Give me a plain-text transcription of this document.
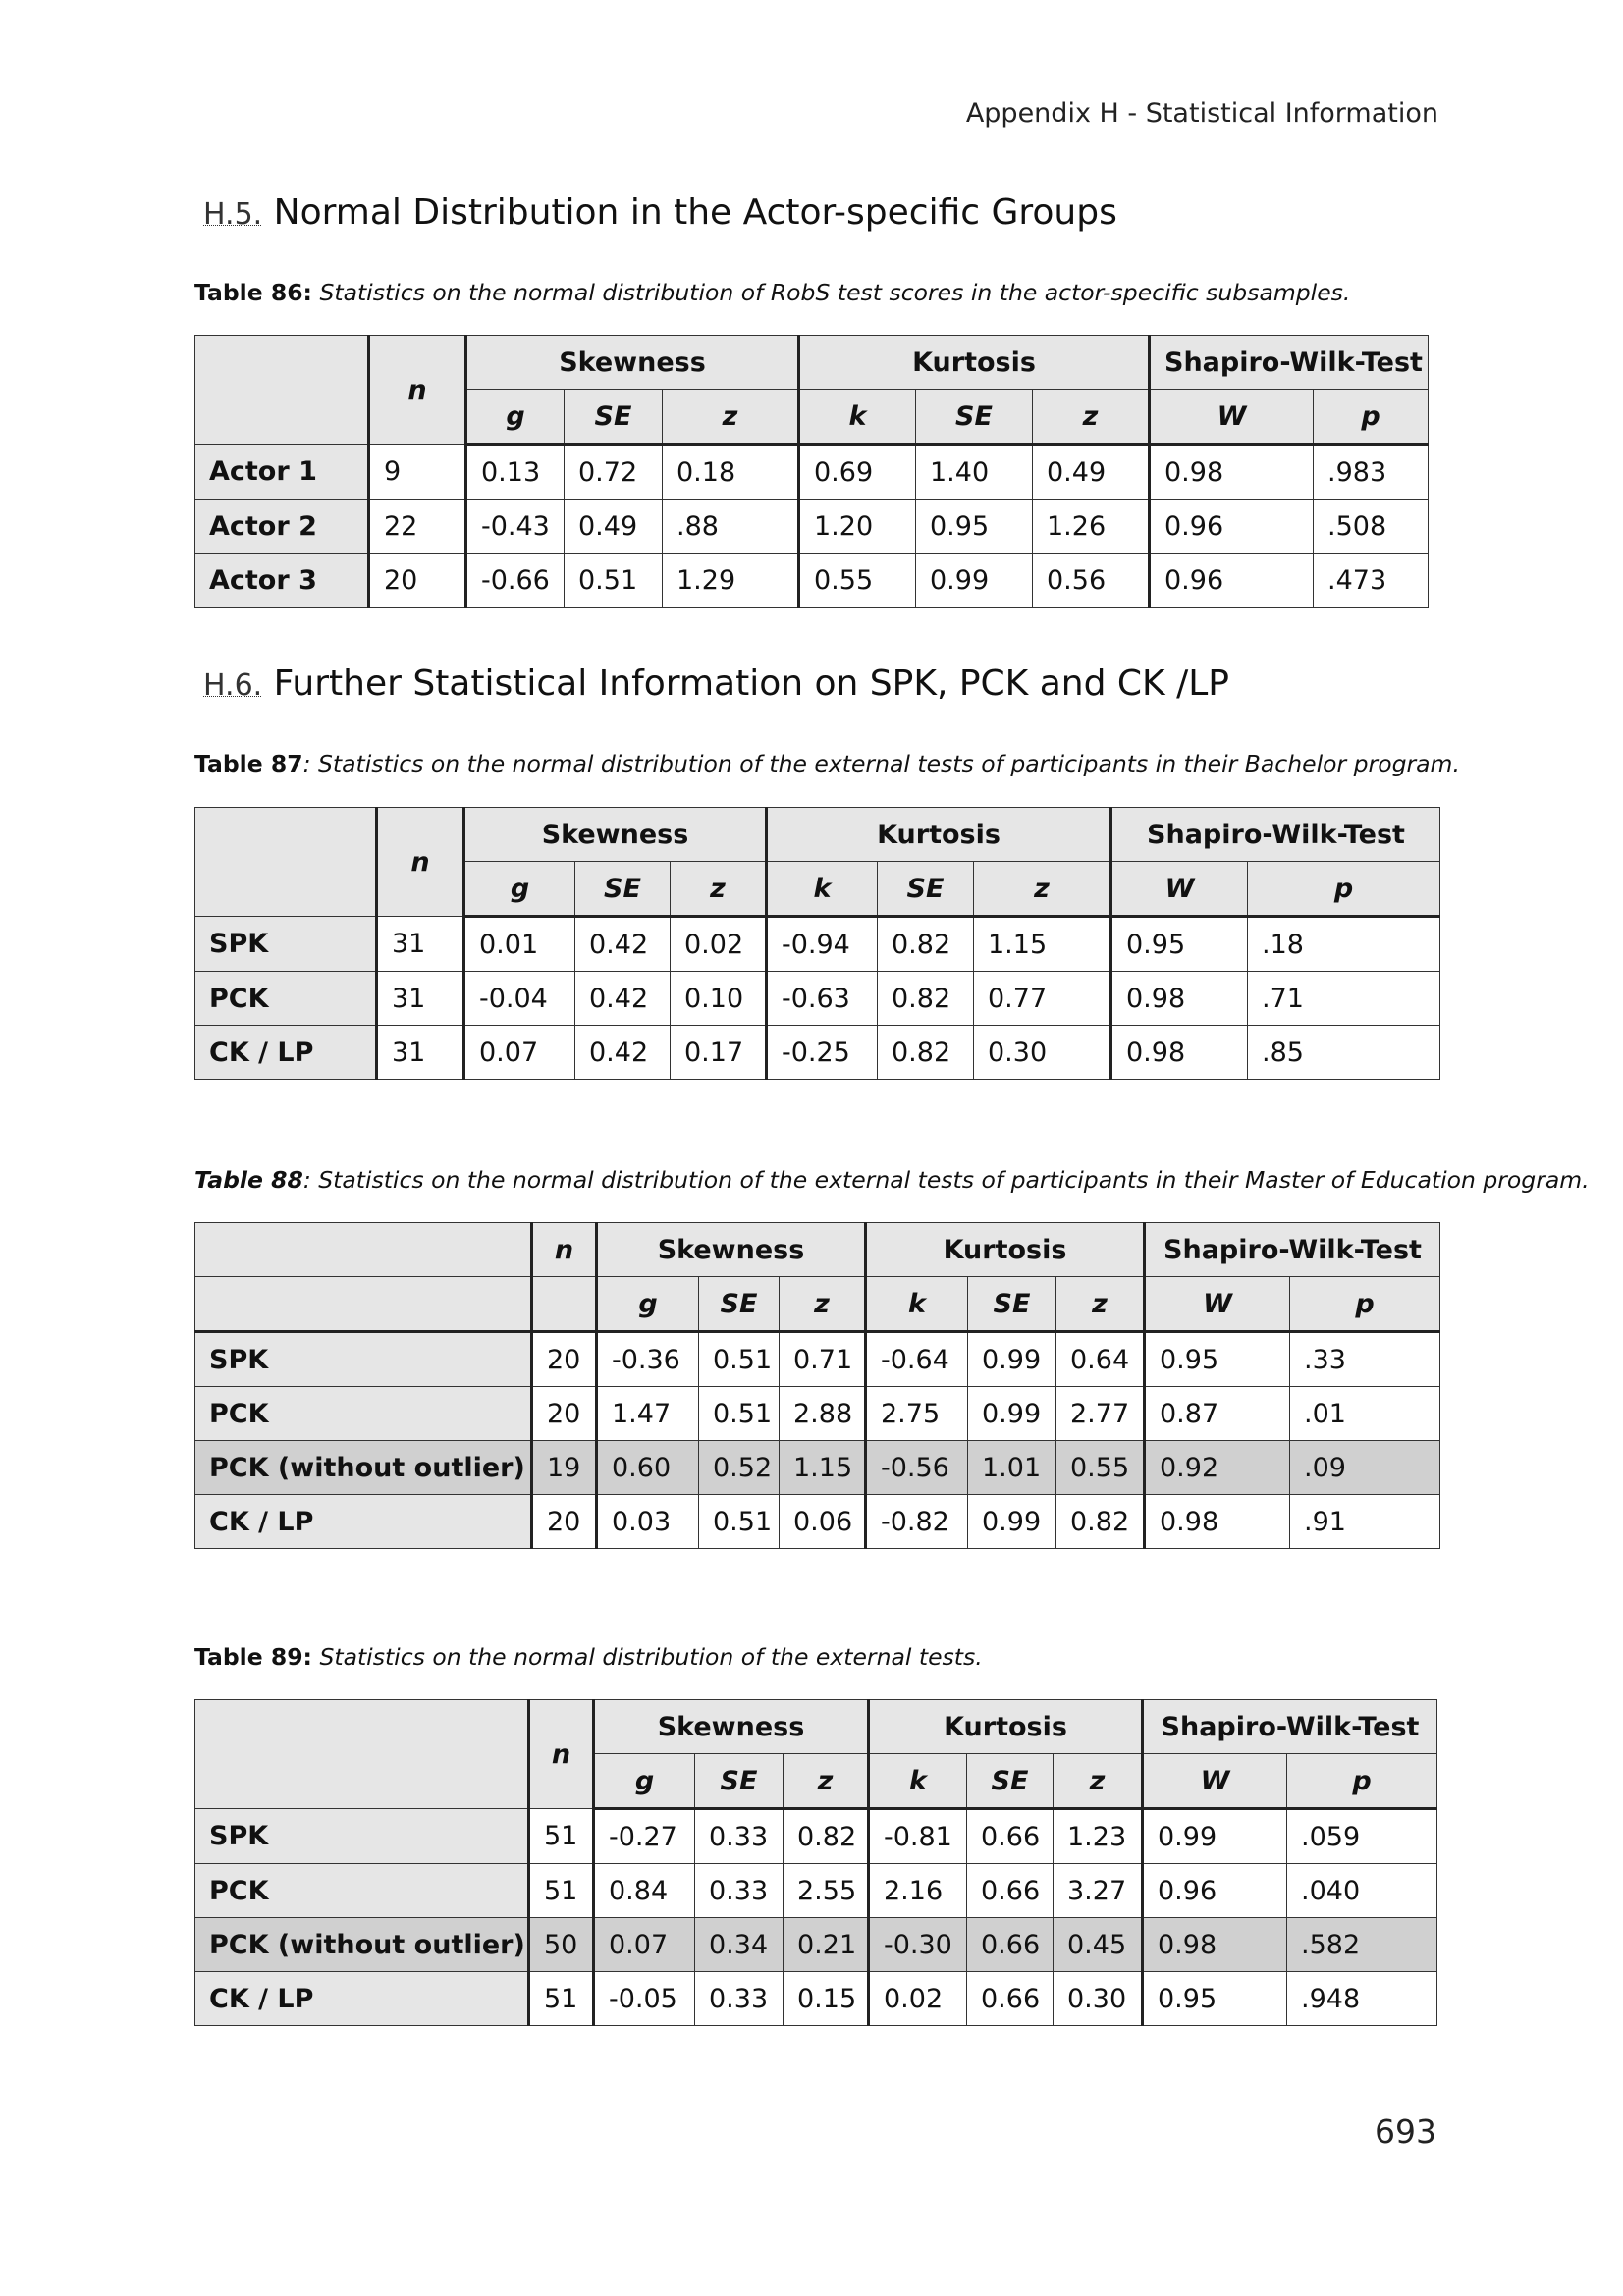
Appendix H - Statistical Information
H.5. Normal Distribution in the Actor-specific Groups
Table 86: Statistics on the normal distribution of RobS test scores in the actor-specific subsamples.
	n	Skewness			Kurtosis			Shapiro-Wilk-Test	
		g	SE	z	k	SE	z	W	p
Actor 1	9	0.13	0.72	0.18	0.69	1.40	0.49	0.98	.983
Actor 2	22	-0.43	0.49	.88	1.20	0.95	1.26	0.96	.508
Actor 3	20	-0.66	0.51	1.29	0.55	0.99	0.56	0.96	.473
H.6. Further Statistical Information on SPK, PCK and CK /LP
Table 87: Statistics on the normal distribution of the external tests of participants in their Bachelor program.
	n	Skewness			Kurtosis			Shapiro-Wilk-Test	
		g	SE	z	k	SE	z	W	p
SPK	31	0.01	0.42	0.02	-0.94	0.82	1.15	0.95	.18
PCK	31	-0.04	0.42	0.10	-0.63	0.82	0.77	0.98	.71
CK / LP	31	0.07	0.42	0.17	-0.25	0.82	0.30	0.98	.85
Table 88: Statistics on the normal distribution of the external tests of participants in their Master of Education program.
	n	Skewness			Kurtosis			Shapiro-Wilk-Test	
		g	SE	z	k	SE	z	W	p
SPK	20	-0.36	0.51	0.71	-0.64	0.99	0.64	0.95	.33
PCK	20	1.47	0.51	2.88	2.75	0.99	2.77	0.87	.01
PCK (without outlier)	19	0.60	0.52	1.15	-0.56	1.01	0.55	0.92	.09
CK / LP	20	0.03	0.51	0.06	-0.82	0.99	0.82	0.98	.91
Table 89: Statistics on the normal distribution of the external tests.
	n	Skewness			Kurtosis			Shapiro-Wilk-Test	
		g	SE	z	k	SE	z	W	p
SPK	51	-0.27	0.33	0.82	-0.81	0.66	1.23	0.99	.059
PCK	51	0.84	0.33	2.55	2.16	0.66	3.27	0.96	.040
PCK (without outlier)	50	0.07	0.34	0.21	-0.30	0.66	0.45	0.98	.582
CK / LP	51	-0.05	0.33	0.15	0.02	0.66	0.30	0.95	.948
693
